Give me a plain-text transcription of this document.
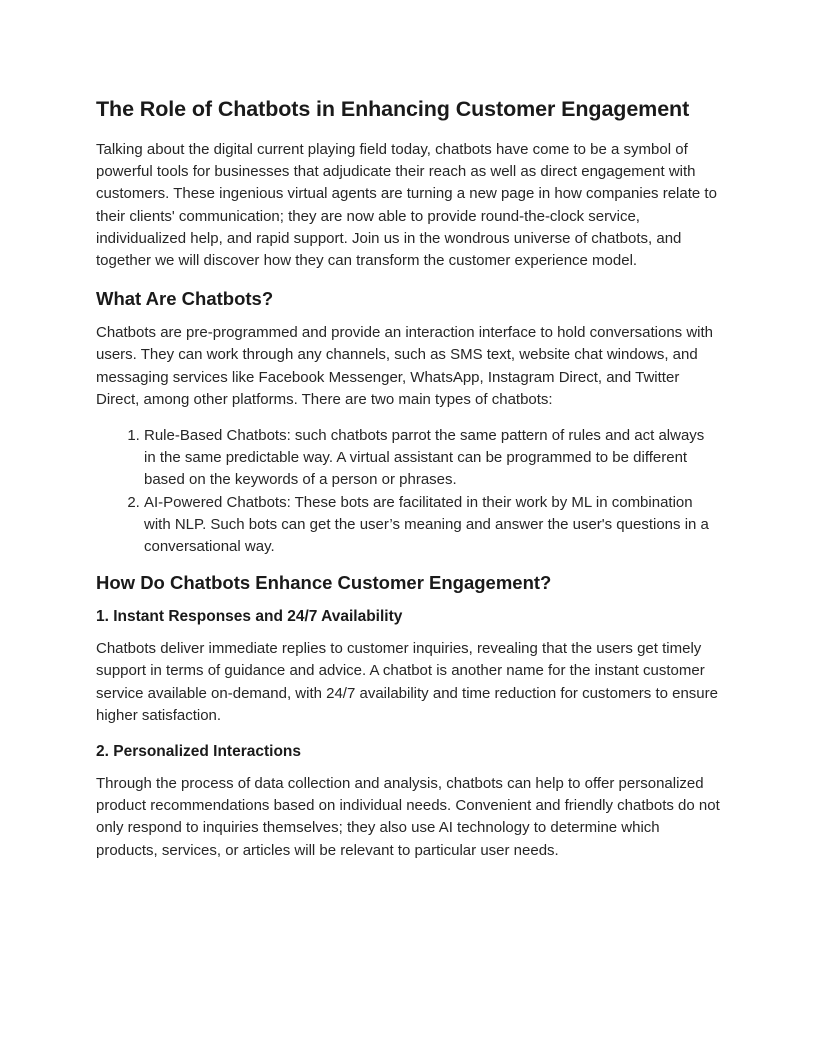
The Role of Chatbots in Enhancing Customer Engagement

Talking about the digital current playing field today, chatbots have come to be a symbol of powerful tools for businesses that adjudicate their reach as well as direct engagement with customers. These ingenious virtual agents are turning a new page in how companies relate to their clients' communication; they are now able to provide round-the-clock service, individualized help, and rapid support. Join us in the wondrous universe of chatbots, and together we will discover how they can transform the customer experience model.

What Are Chatbots?

Chatbots are pre-programmed and provide an interaction interface to hold conversations with users. They can work through any channels, such as SMS text, website chat windows, and messaging services like Facebook Messenger, WhatsApp, Instagram Direct, and Twitter Direct, among other platforms. There are two main types of chatbots:

1. Rule-Based Chatbots: such chatbots parrot the same pattern of rules and act always in the same predictable way. A virtual assistant can be programmed to be different based on the keywords of a person or phrases.
2. AI-Powered Chatbots: These bots are facilitated in their work by ML in combination with NLP. Such bots can get the user’s meaning and answer the user's questions in a conversational way.
How Do Chatbots Enhance Customer Engagement?
1. Instant Responses and 24/7 Availability

Chatbots deliver immediate replies to customer inquiries, revealing that the users get timely support in terms of guidance and advice. A chatbot is another name for the instant customer service available on-demand, with 24/7 availability and time reduction for customers to ensure higher satisfaction.

2. Personalized Interactions

Through the process of data collection and analysis, chatbots can help to offer personalized product recommendations based on individual needs. Convenient and friendly chatbots do not only respond to inquiries themselves; they also use AI technology to determine which products, services, or articles will be relevant to particular user needs.
